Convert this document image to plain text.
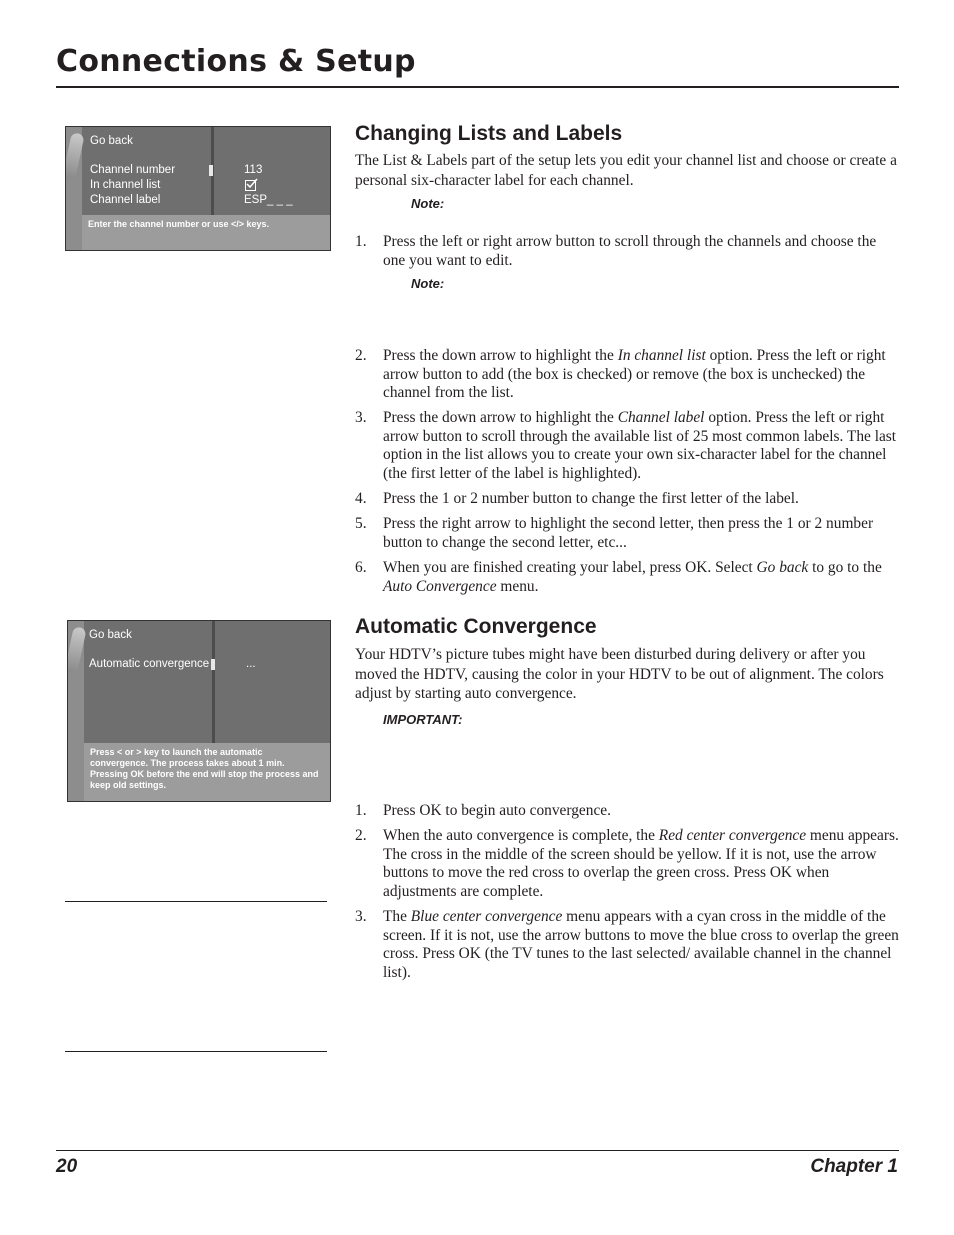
Connections & Setup
Go back
Channel number
In channel list
Channel label
113
ESP_ _ _
Enter the channel number or use </> keys.
Changing Lists and Labels

The List & Labels part of the setup lets you edit your channel list and choose or create a personal six-character label for each channel.

Note:
1. Press the left or right arrow button to scroll through the channels and choose the one you want to edit.
Note:
2. Press the down arrow to highlight the In channel list option. Press the left or right arrow button to add (the box is checked) or remove (the box is unchecked) the channel from the list.
3. Press the down arrow to highlight the Channel label option. Press the left or right arrow button to scroll through the available list of 25 most common labels. The last option in the list allows you to create your own six-character label for the channel (the first letter of the label is highlighted).
4. Press the 1 or 2 number button to change the first letter of the label.
5. Press the right arrow to highlight the second letter, then press the 1 or 2 number button to change the second letter, etc...
6. When you are finished creating your label, press OK. Select Go back to go to the Auto Convergence menu.
Go back
Automatic convergence	...
Press < or > key to launch the automatic convergence. The process takes about 1 min. Pressing OK before the end will stop the process and keep old settings.
Automatic Convergence

Your HDTV’s picture tubes might have been disturbed during delivery or after you moved the HDTV, causing the color in your HDTV to be out of alignment. The colors adjust by starting auto convergence.

IMPORTANT:
1. Press OK to begin auto convergence.
2. When the auto convergence is complete, the Red center convergence menu appears. The cross in the middle of the screen should be yellow. If it is not, use the arrow buttons to move the red cross to overlap the green cross. Press OK when adjustments are complete.
3. The Blue center convergence menu appears with a cyan cross in the middle of the screen. If it is not, use the arrow buttons to move the blue cross to overlap the green cross. Press OK (the TV tunes to the last selected/ available channel in the channel list).
20	Chapter 1
